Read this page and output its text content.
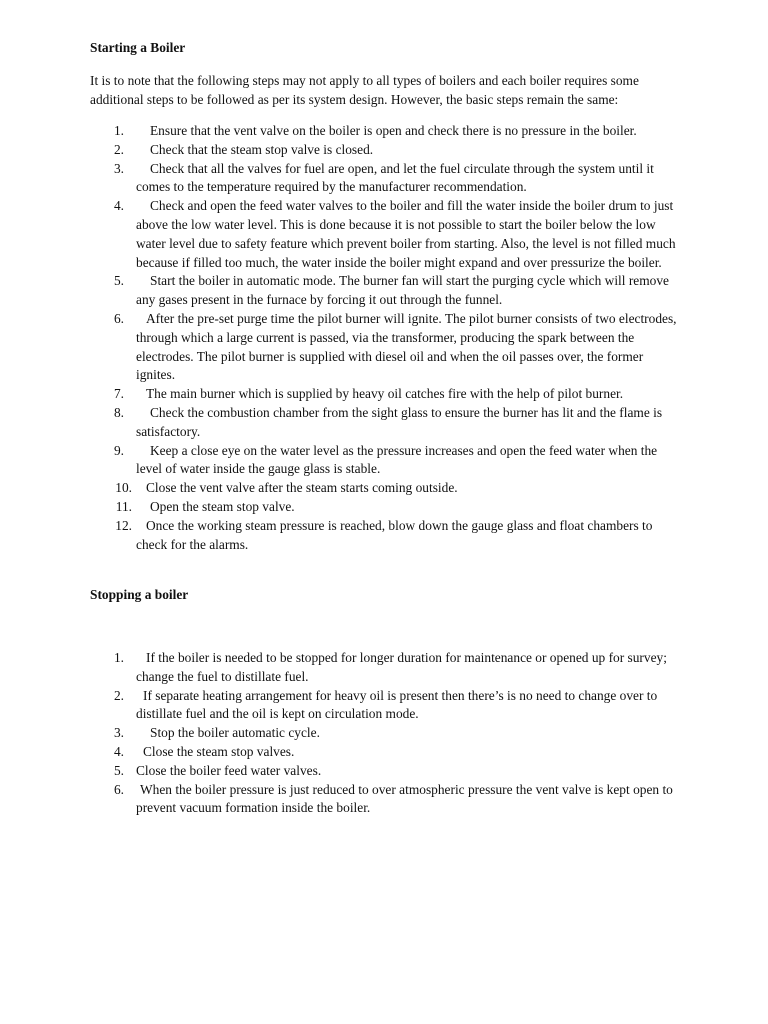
Starting a Boiler
It is to note that the following steps may not apply to all types of boilers and each boiler requires some additional steps to be followed as per its system design. However, the basic steps remain the same:
1.	Ensure that the vent valve on the boiler is open and check there is no pressure in the boiler.
2.	Check that the steam stop valve is closed.
3.	Check that all the valves for fuel are open, and let the fuel circulate through the system until it comes to the temperature required by the manufacturer recommendation.
4.	Check and open the feed water valves to the boiler and fill the water inside the boiler drum to just above the low water level. This is done because it is not possible to start the boiler below the low water level due to safety feature which prevent boiler from starting. Also, the level is not filled much because if filled too much, the water inside the boiler might expand and over pressurize the boiler.
5.	Start the boiler in automatic mode. The burner fan will start the purging cycle which will remove any gases present in the furnace by forcing it out through the funnel.
6.	After the pre-set purge time the pilot burner will ignite. The pilot burner consists of two electrodes, through which a large current is passed, via the transformer, producing the spark between the electrodes. The pilot burner is supplied with diesel oil and when the oil passes over, the former ignites.
7.	The main burner which is supplied by heavy oil catches fire with the help of pilot burner.
8.	Check the combustion chamber from the sight glass to ensure the burner has lit and the flame is satisfactory.
9.	Keep a close eye on the water level as the pressure increases and open the feed water when the level of water inside the gauge glass is stable.
10.	Close the vent valve after the steam starts coming outside.
11.	Open the steam stop valve.
12.	Once the working steam pressure is reached, blow down the gauge glass and float chambers to check for the alarms.
Stopping a boiler
1.	If the boiler is needed to be stopped for longer duration for maintenance or opened up for survey; change the fuel to distillate fuel.
2.	If separate heating arrangement for heavy oil is present then there’s is no need to change over to distillate fuel and the oil is kept on circulation mode.
3.	Stop the boiler automatic cycle.
4.	Close the steam stop valves.
5. Close the boiler feed water valves.
6. When the boiler pressure is just reduced to over atmospheric pressure the vent valve is kept open to prevent vacuum formation inside the boiler.
